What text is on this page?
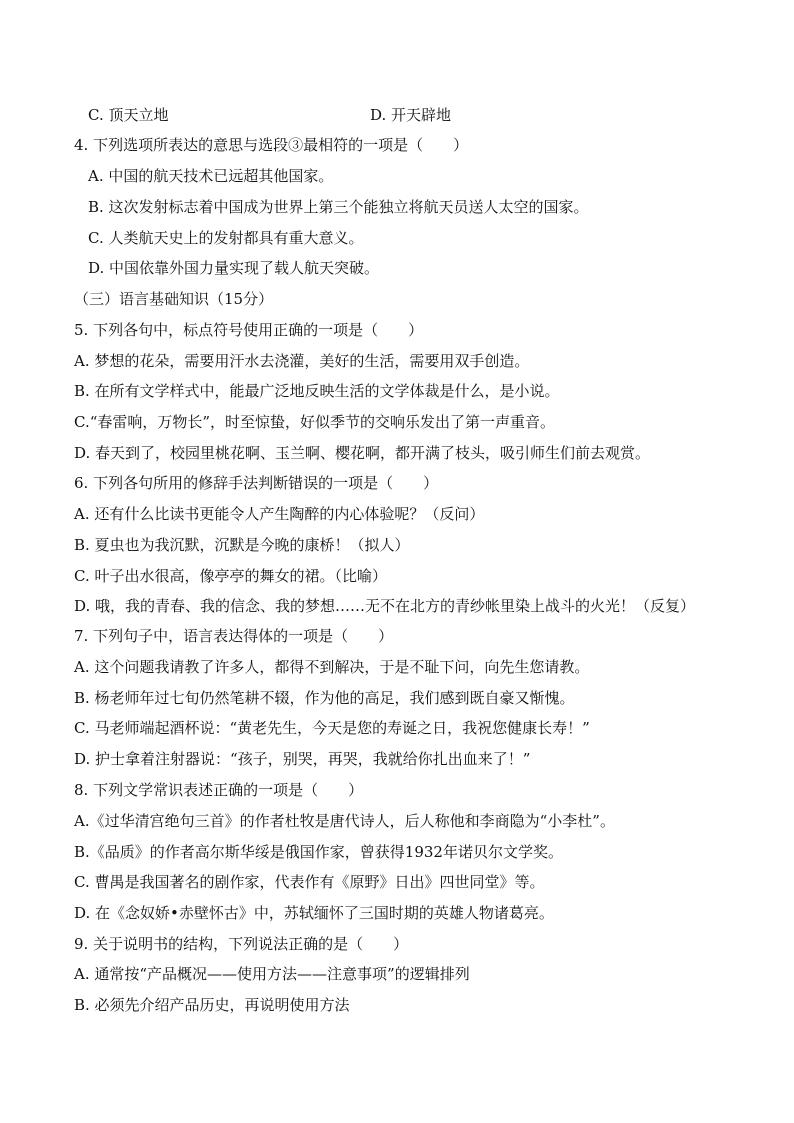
C. 顶天立地	D. 开天辟地
4. 下列选项所表达的意思与选段③最相符的一项是（　　）
A. 中国的航天技术已远超其他国家。
B. 这次发射标志着中国成为世界上第三个能独立将航天员送人太空的国家。
C. 人类航天史上的发射都具有重大意义。
D. 中国依靠外国力量实现了载人航天突破。
（三）语言基础知识（15分）
5. 下列各句中，标点符号使用正确的一项是（　　）
A. 梦想的花朵，需要用汗水去浇灌，美好的生活，需要用双手创造。
B. 在所有文学样式中，能最广泛地反映生活的文学体裁是什么，是小说。
C.“春雷响，万物长”，时至惊蛰，好似季节的交响乐发出了第一声重音。
D. 春天到了，校园里桃花啊、玉兰啊、樱花啊，都开满了枝头，吸引师生们前去观赏。
6. 下列各句所用的修辞手法判断错误的一项是（　　）
A. 还有什么比读书更能令人产生陶醉的内心体验呢？（反问）
B. 夏虫也为我沉默，沉默是今晚的康桥！（拟人）
C. 叶子出水很高，像亭亭的舞女的裙。（比喻）
D. 哦，我的青春、我的信念、我的梦想……无不在北方的青纱帐里染上战斗的火光！（反复）
7. 下列句子中，语言表达得体的一项是（　　）
A. 这个问题我请教了许多人，都得不到解决，于是不耻下问，向先生您请教。
B. 杨老师年过七旬仍然笔耕不辍，作为他的高足，我们感到既自豪又惭愧。
C. 马老师端起酒杯说：“黄老先生，今天是您的寿诞之日，我祝您健康长寿！”
D. 护士拿着注射器说：“孩子，别哭，再哭，我就给你扎出血来了！”
8. 下列文学常识表述正确的一项是（　　）
A.《过华清宫绝句三首》的作者杜牧是唐代诗人，后人称他和李商隐为“小李杜”。
B.《品质》的作者高尔斯华绥是俄国作家，曾获得1932年诺贝尔文学奖。
C. 曹禺是我国著名的剧作家，代表作有《原野》日出》四世同堂》等。
D. 在《念奴娇•赤壁怀古》中，苏轼缅怀了三国时期的英雄人物诸葛亮。
9. 关于说明书的结构，下列说法正确的是（　　）
A. 通常按“产品概况——使用方法——注意事项”的逻辑排列
B. 必须先介绍产品历史，再说明使用方法
